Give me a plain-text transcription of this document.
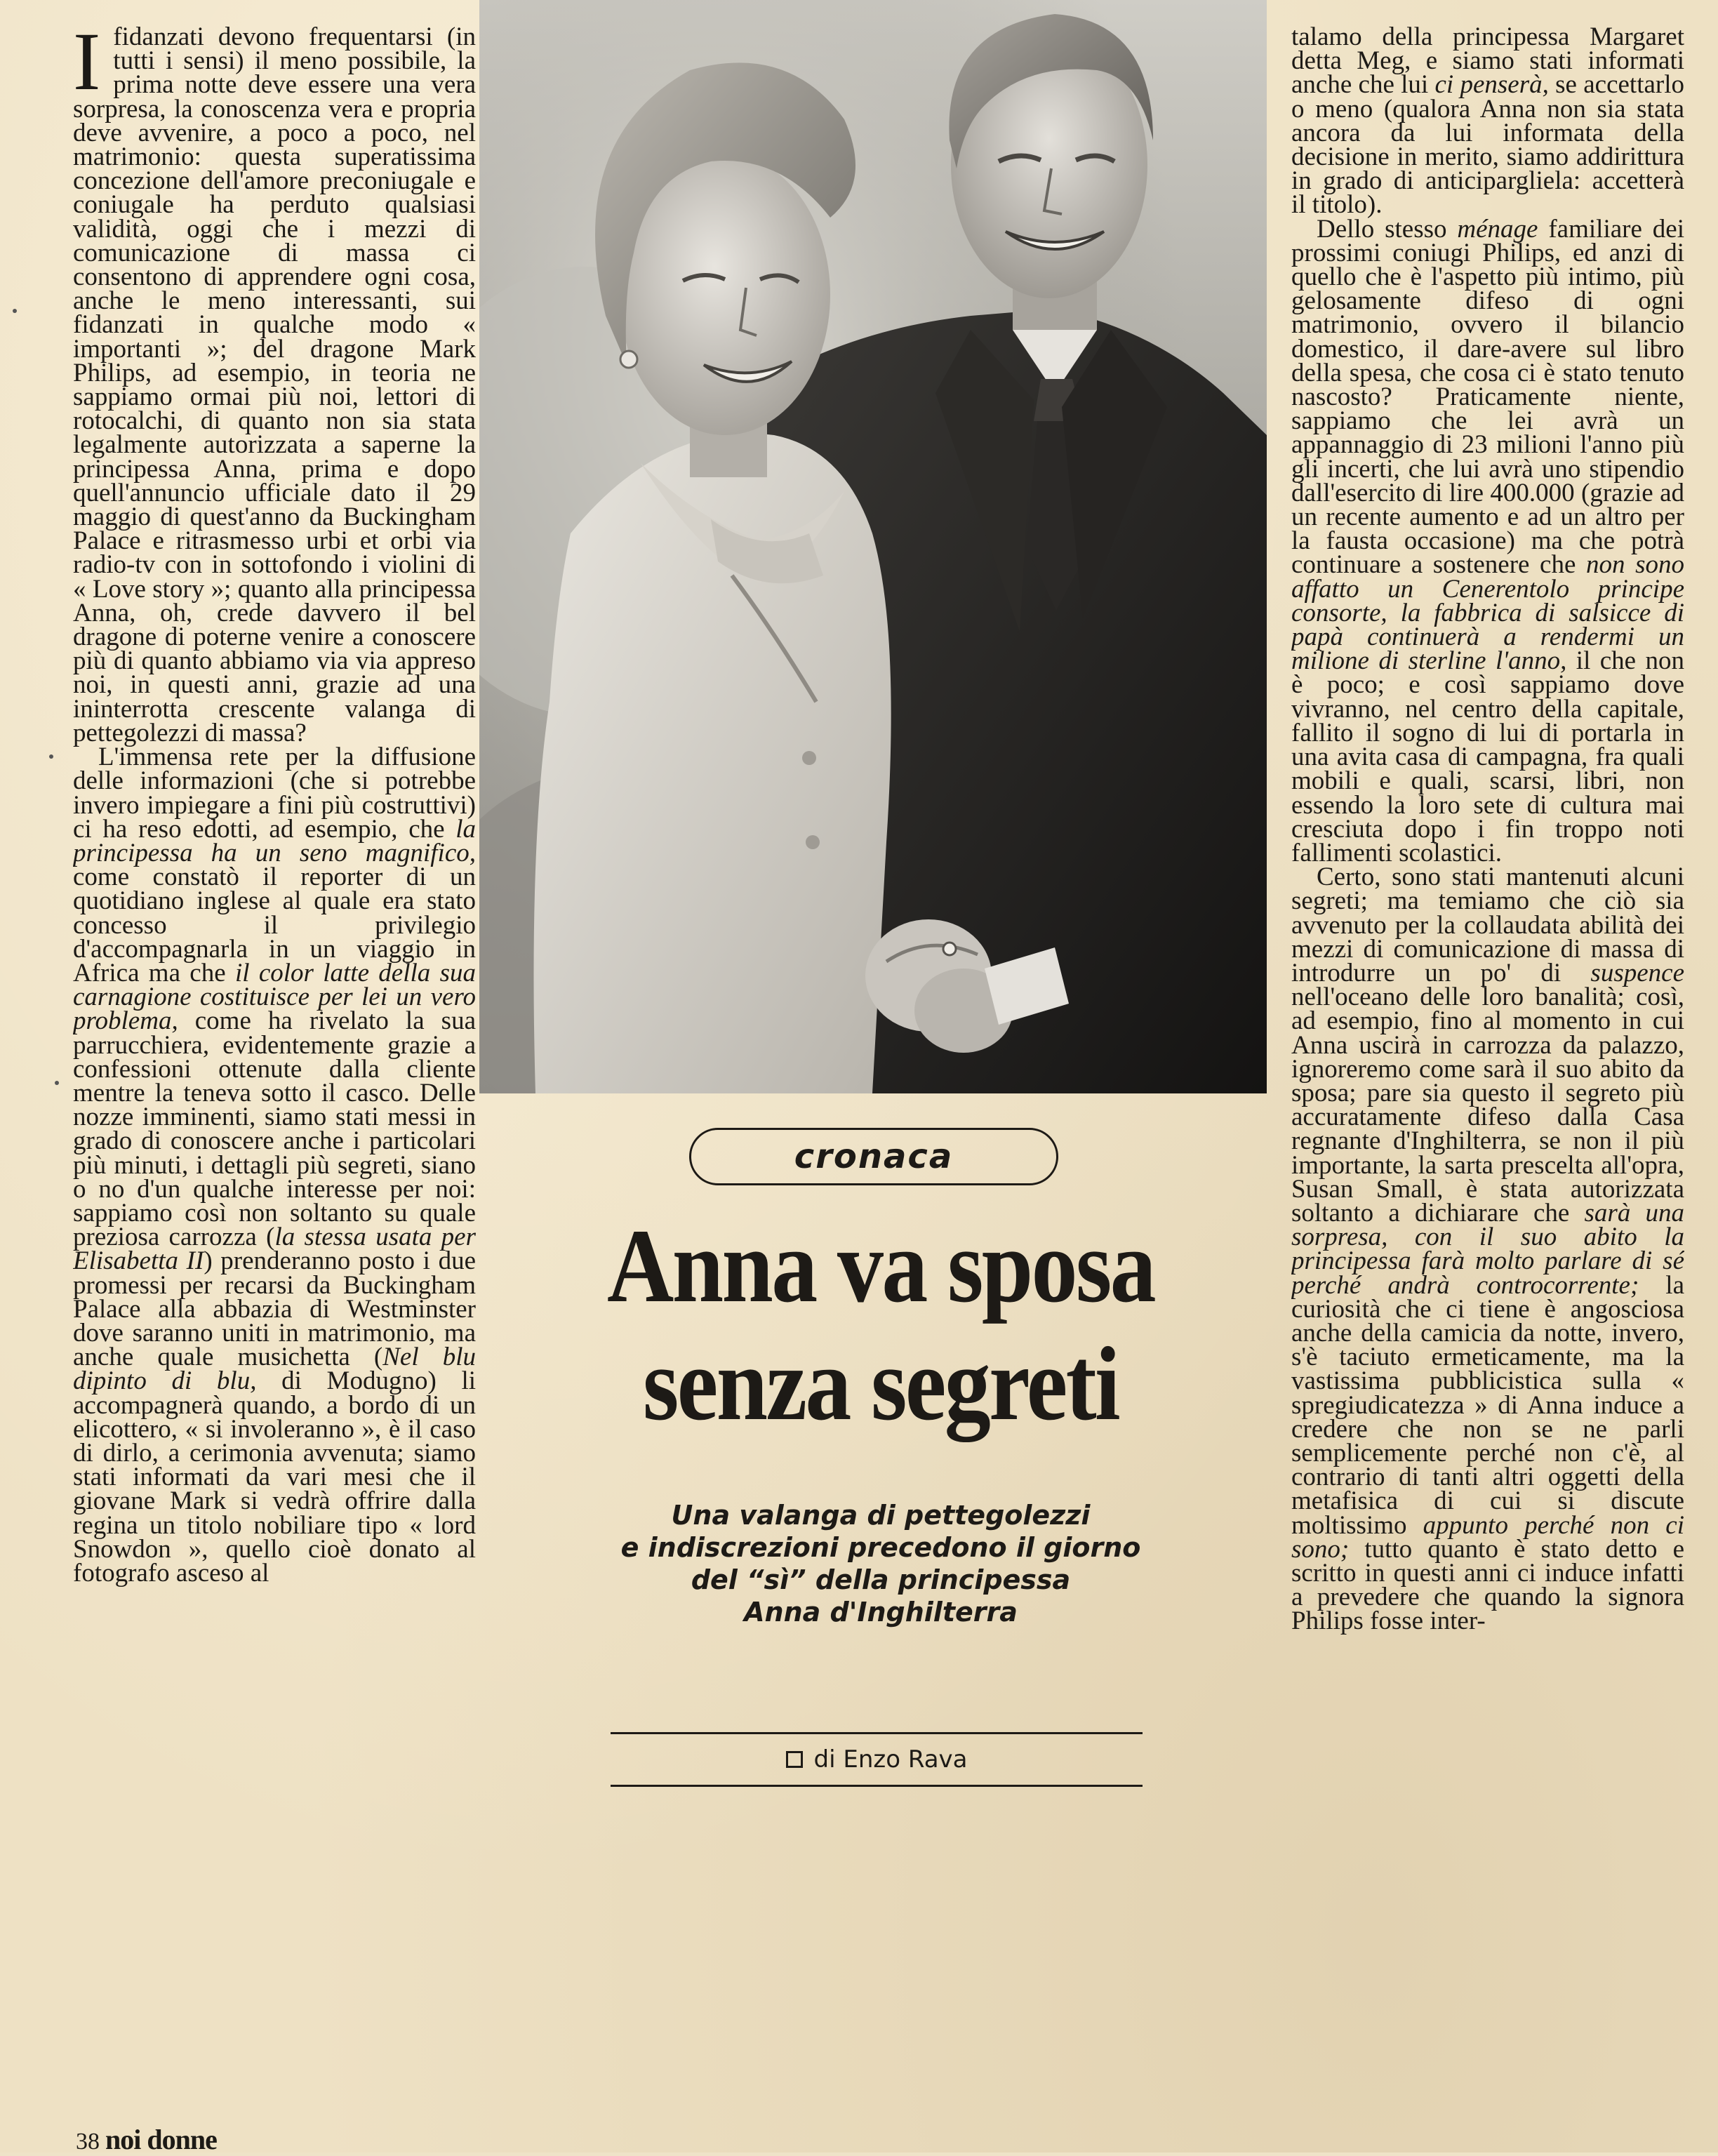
Ifidanzati devono frequentarsi (in tutti i sensi) il meno possibile, la prima notte deve essere una vera sorpresa, la conoscenza vera e propria deve avvenire, a poco a poco, nel matrimonio: questa superatissima concezione dell'amore preconiugale e coniugale ha perduto qualsiasi validità, oggi che i mezzi di comunicazione di massa ci consentono di apprendere ogni cosa, anche le meno interessanti, sui fidanzati in qualche modo « importanti »; del dragone Mark Philips, ad esempio, in teoria ne sappiamo ormai più noi, lettori di rotocalchi, di quanto non sia stata legalmente autorizzata a saperne la principessa Anna, prima e dopo quell'annuncio ufficiale dato il 29 maggio di quest'anno da Buckingham Palace e ritrasmesso urbi et orbi via radio-tv con in sottofondo i violini di « Love story »; quanto alla principessa Anna, oh, crede davvero il bel dragone di poterne venire a conoscere più di quanto abbiamo via via appreso noi, in questi anni, grazie ad una ininterrotta crescente valanga di pettegolezzi di massa?

L'immensa rete per la diffusione delle informazioni (che si potrebbe invero impiegare a fini più costruttivi) ci ha reso edotti, ad esempio, che la principessa ha un seno magnifico, come constatò il reporter di un quotidiano inglese al quale era stato concesso il privilegio d'accompagnarla in un viaggio in Africa ma che il color latte della sua carnagione costituisce per lei un vero problema, come ha rivelato la sua parrucchiera, evidentemente grazie a confessioni ottenute dalla cliente mentre la teneva sotto il casco. Delle nozze imminenti, siamo stati messi in grado di conoscere anche i particolari più minuti, i dettagli più segreti, siano o no d'un qualche interesse per noi: sappiamo così non soltanto su quale preziosa carrozza (la stessa usata per Elisabetta II) prenderanno posto i due promessi per recarsi da Buckingham Palace alla abbazia di Westminster dove saranno uniti in matrimonio, ma anche quale musichetta (Nel blu dipinto di blu, di Modugno) li accompagnerà quando, a bordo di un elicottero, « si involeranno », è il caso di dirlo, a cerimonia avvenuta; siamo stati informati da vari mesi che il giovane Mark si vedrà offrire dalla regina un titolo nobiliare tipo « lord Snowdon », quello cioè donato al fotografo asceso al

cronaca
Anna va sposa
senza segreti
Una valanga di pettegolezzi
e indiscrezioni precedono il giorno
del “sì” della principessa
Anna d'Inghilterra
di Enzo Rava

talamo della principessa Margaret detta Meg, e siamo stati informati anche che lui ci penserà, se accettarlo o meno (qualora Anna non sia stata ancora da lui informata della decisione in merito, siamo addirittura in grado di anticipargliela: accetterà il titolo).

Dello stesso ménage familiare dei prossimi coniugi Philips, ed anzi di quello che è l'aspetto più intimo, più gelosamente difeso di ogni matrimonio, ovvero il bilancio domestico, il dare-avere sul libro della spesa, che cosa ci è stato tenuto nascosto? Praticamente niente, sappiamo che lei avrà un appannaggio di 23 milioni l'anno più gli incerti, che lui avrà uno stipendio dall'esercito di lire 400.000 (grazie ad un recente aumento e ad un altro per la fausta occasione) ma che potrà continuare a sostenere che non sono affatto un Cenerentolo principe consorte, la fabbrica di salsicce di papà continuerà a rendermi un milione di sterline l'anno, il che non è poco; e così sappiamo dove vivranno, nel centro della capitale, fallito il sogno di lui di portarla in una avita casa di campagna, fra quali mobili e quali, scarsi, libri, non essendo la loro sete di cultura mai cresciuta dopo i fin troppo noti fallimenti scolastici.

Certo, sono stati mantenuti alcuni segreti; ma temiamo che ciò sia avvenuto per la collaudata abilità dei mezzi di comunicazione di massa di introdurre un po' di suspence nell'oceano delle loro banalità; così, ad esempio, fino al momento in cui Anna uscirà in carrozza da palazzo, ignoreremo come sarà il suo abito da sposa; pare sia questo il segreto più accuratamente difeso dalla Casa regnante d'Inghilterra, se non il più importante, la sarta prescelta all'opra, Susan Small, è stata autorizzata soltanto a dichiarare che sarà una sorpresa, con il suo abito la principessa farà molto parlare di sé perché andrà controcorrente; la curiosità che ci tiene è angosciosa anche della camicia da notte, invero, s'è taciuto ermeticamente, ma la vastissima pubblicistica sulla « spregiudicatezza » di Anna induce a credere che non se ne parli semplicemente perché non c'è, al contrario di tanti altri oggetti della metafisica di cui si discute moltissimo appunto perché non ci sono; tutto quanto è stato detto e scritto in questi anni ci induce infatti a prevedere che quando la signora Philips fosse inter-

38 noi donne
